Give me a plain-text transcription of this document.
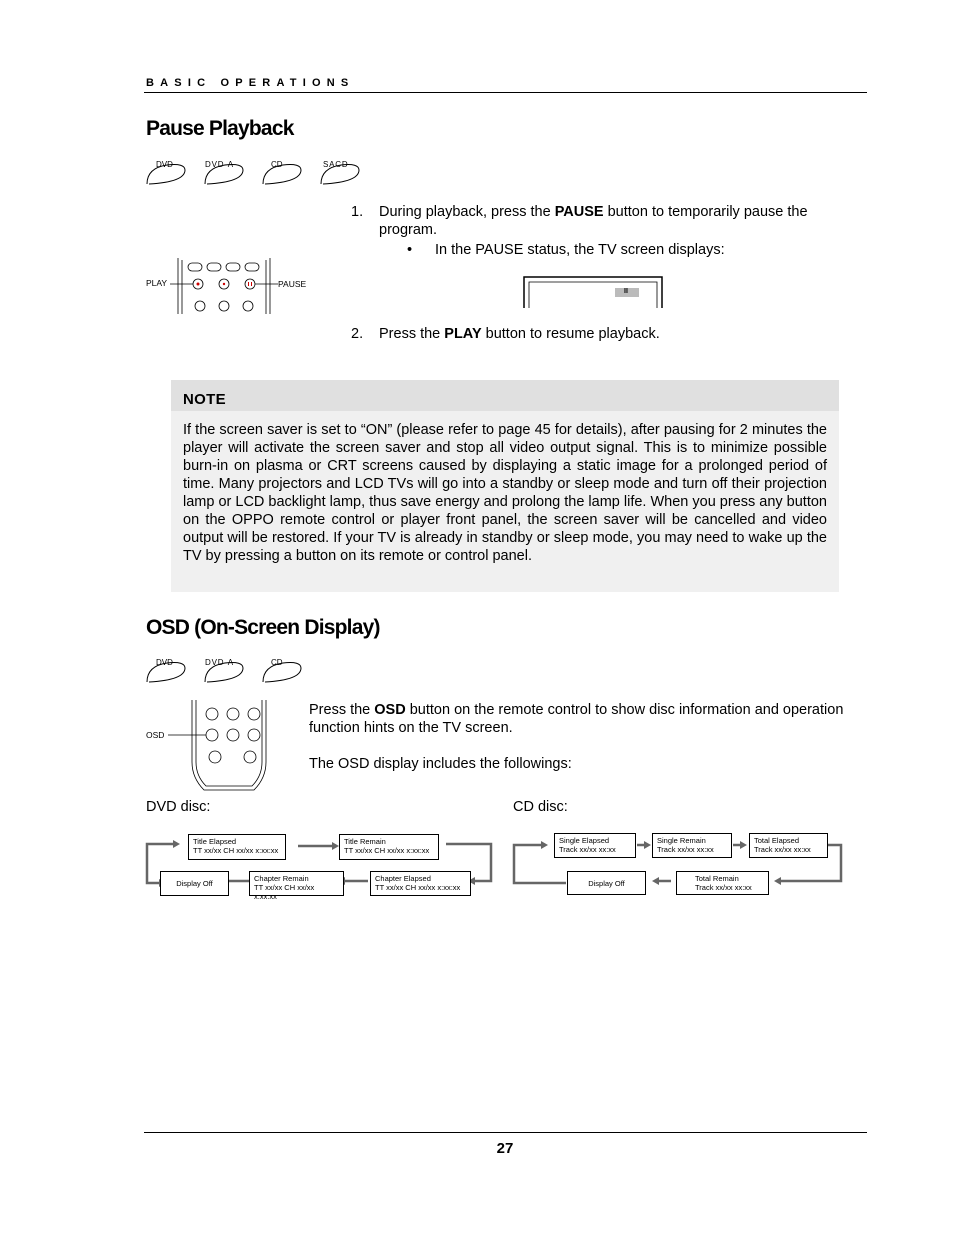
BASIC OPERATIONS
Pause Playback
DVD	DVD-A	CD	SACD
PLAY	PAUSE
1. During playback, press the PAUSE button to temporarily pause the program.
• In the PAUSE status, the TV screen displays:
II
2. Press the PLAY button to resume playback.
NOTE
If the screen saver is set to “ON” (please refer to page 45 for details), after pausing for 2 minutes the player will activate the screen saver and stop all video output signal. This is to minimize possible burn-in on plasma or CRT screens caused by displaying a static image for a prolonged period of time. Many projectors and LCD TVs will go into a standby or sleep mode and turn off their projection lamp or LCD backlight lamp, thus save energy and prolong the lamp life. When you press any button on the OPPO remote control or player front panel, the screen saver will be cancelled and video output will be restored. If your TV is already in standby or sleep mode, you may need to wake up the TV by pressing a button on its remote or control panel.
OSD (On-Screen Display)
DVD	DVD-A	CD
OSD
Press the OSD button on the remote control to show disc information and operation function hints on the TV screen.
The OSD display includes the followings:
DVD disc:	CD disc:
Title Elapsed
TT xx/xx CH xx/xx x:xx:xx
Title Remain
TT xx/xx CH xx/xx x:xx:xx
Display Off
Chapter Remain
TT xx/xx CH xx/xx x:xx:xx
Chapter Elapsed
TT xx/xx CH xx/xx x:xx:xx
Single Elapsed
Track xx/xx xx:xx
Single Remain
Track xx/xx xx:xx
Total Elapsed
Track xx/xx xx:xx
Display Off	Total Remain
Track xx/xx xx:xx
27
